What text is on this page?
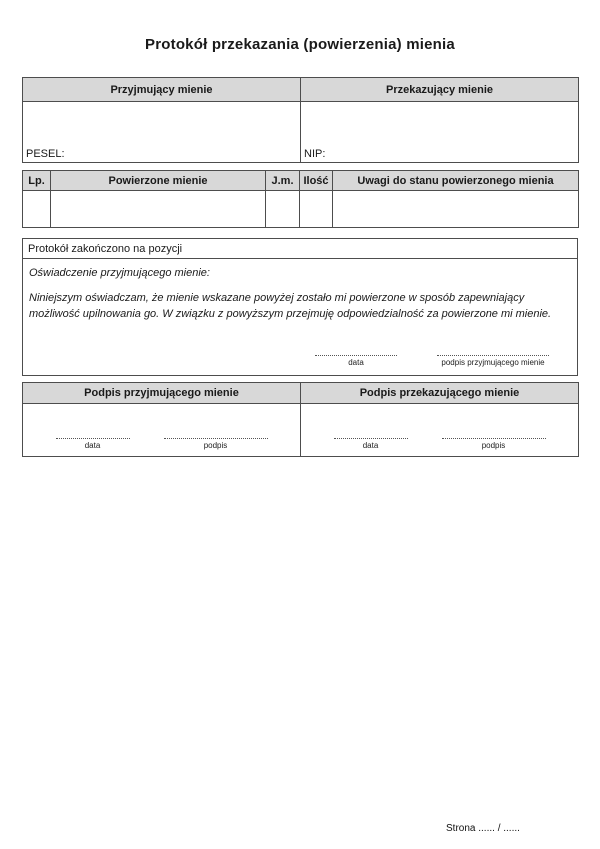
Protokół przekazania (powierzenia) mienia
Przyjmujący mienie	Przekazujący mienie
PESEL:	NIP:
Lp.	Powierzone mienie	J.m.	Ilość	Uwagi do stanu powierzonego mienia

Protokół zakończono na pozycji
Oświadczenie przyjmującego mienie:
Niniejszym oświadczam, że mienie wskazane powyżej zostało mi powierzone w sposób zapewniający możliwość upilnowania go. W związku z powyższym przejmuję odpowiedzialność za powierzone mi mienie.
data	podpis przyjmującego mienie
Podpis przyjmującego mienie	Podpis przekazującego mienie

data	podpis	data	podpis
Strona ...... / ......
